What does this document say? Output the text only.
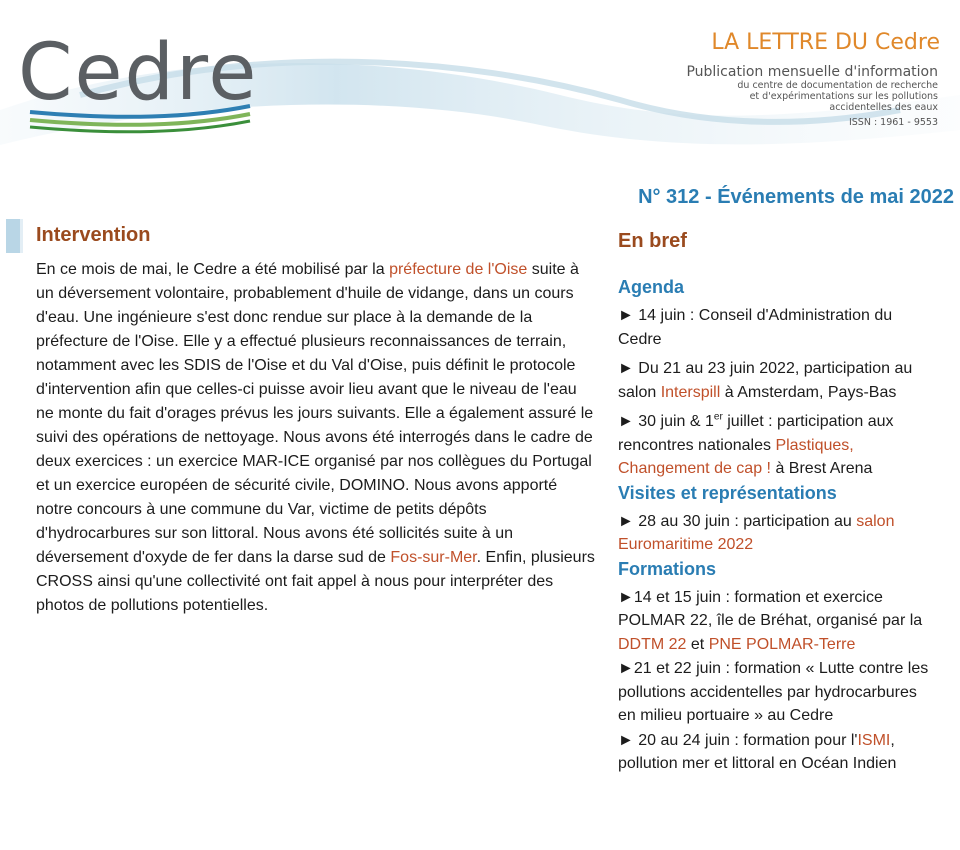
Cedre	LA LETTRE DU Cedre
Publication mensuelle d'information
du centre de documentation de recherche
et d'expérimentations sur les pollutions
accidentelles des eaux
ISSN : 1961 - 9553
N° 312 - Événements de mai 2022
Intervention
En ce mois de mai, le Cedre a été mobilisé par la préfecture de l'Oise suite à un déversement volontaire, probablement d'huile de vidange, dans un cours d'eau. Une ingénieure s'est donc rendue sur place à la demande de la préfecture de l'Oise. Elle y a effectué plusieurs reconnaissances de terrain, notamment avec les SDIS de l'Oise et du Val d'Oise, puis définit le protocole d'intervention afin que celles-ci puisse avoir lieu avant que le niveau de l'eau ne monte du fait d'orages prévus les jours suivants. Elle a également assuré le suivi des opérations de nettoyage. Nous avons été interrogés dans le cadre de deux exercices : un exercice MAR-ICE organisé par nos collègues du Portugal et un exercice européen de sécurité civile, DOMINO. Nous avons apporté notre concours à une commune du Var, victime de petits dépôts d'hydrocarbures sur son littoral. Nous avons été sollicités suite à un déversement d'oxyde de fer dans la darse sud de Fos-sur-Mer. Enfin, plusieurs CROSS ainsi qu'une collectivité ont fait appel à nous pour interpréter des photos de pollutions potentielles.
En bref
Agenda
► 14 juin : Conseil d'Administration du Cedre
► Du 21 au 23 juin 2022, participation au salon Interspill à Amsterdam, Pays-Bas
► 30 juin & 1er juillet : participation aux rencontres nationales Plastiques, Changement de cap ! à Brest Arena
Visites et représentations
► 28 au 30 juin : participation au salon Euromaritime 2022
Formations
►14 et 15 juin : formation et exercice POLMAR 22, île de Bréhat, organisé par la DDTM 22 et PNE POLMAR-Terre
►21 et 22 juin : formation « Lutte contre les pollutions accidentelles par hydrocarbures en milieu portuaire » au Cedre
► 20 au 24 juin : formation pour l'ISMI, pollution mer et littoral en Océan Indien
